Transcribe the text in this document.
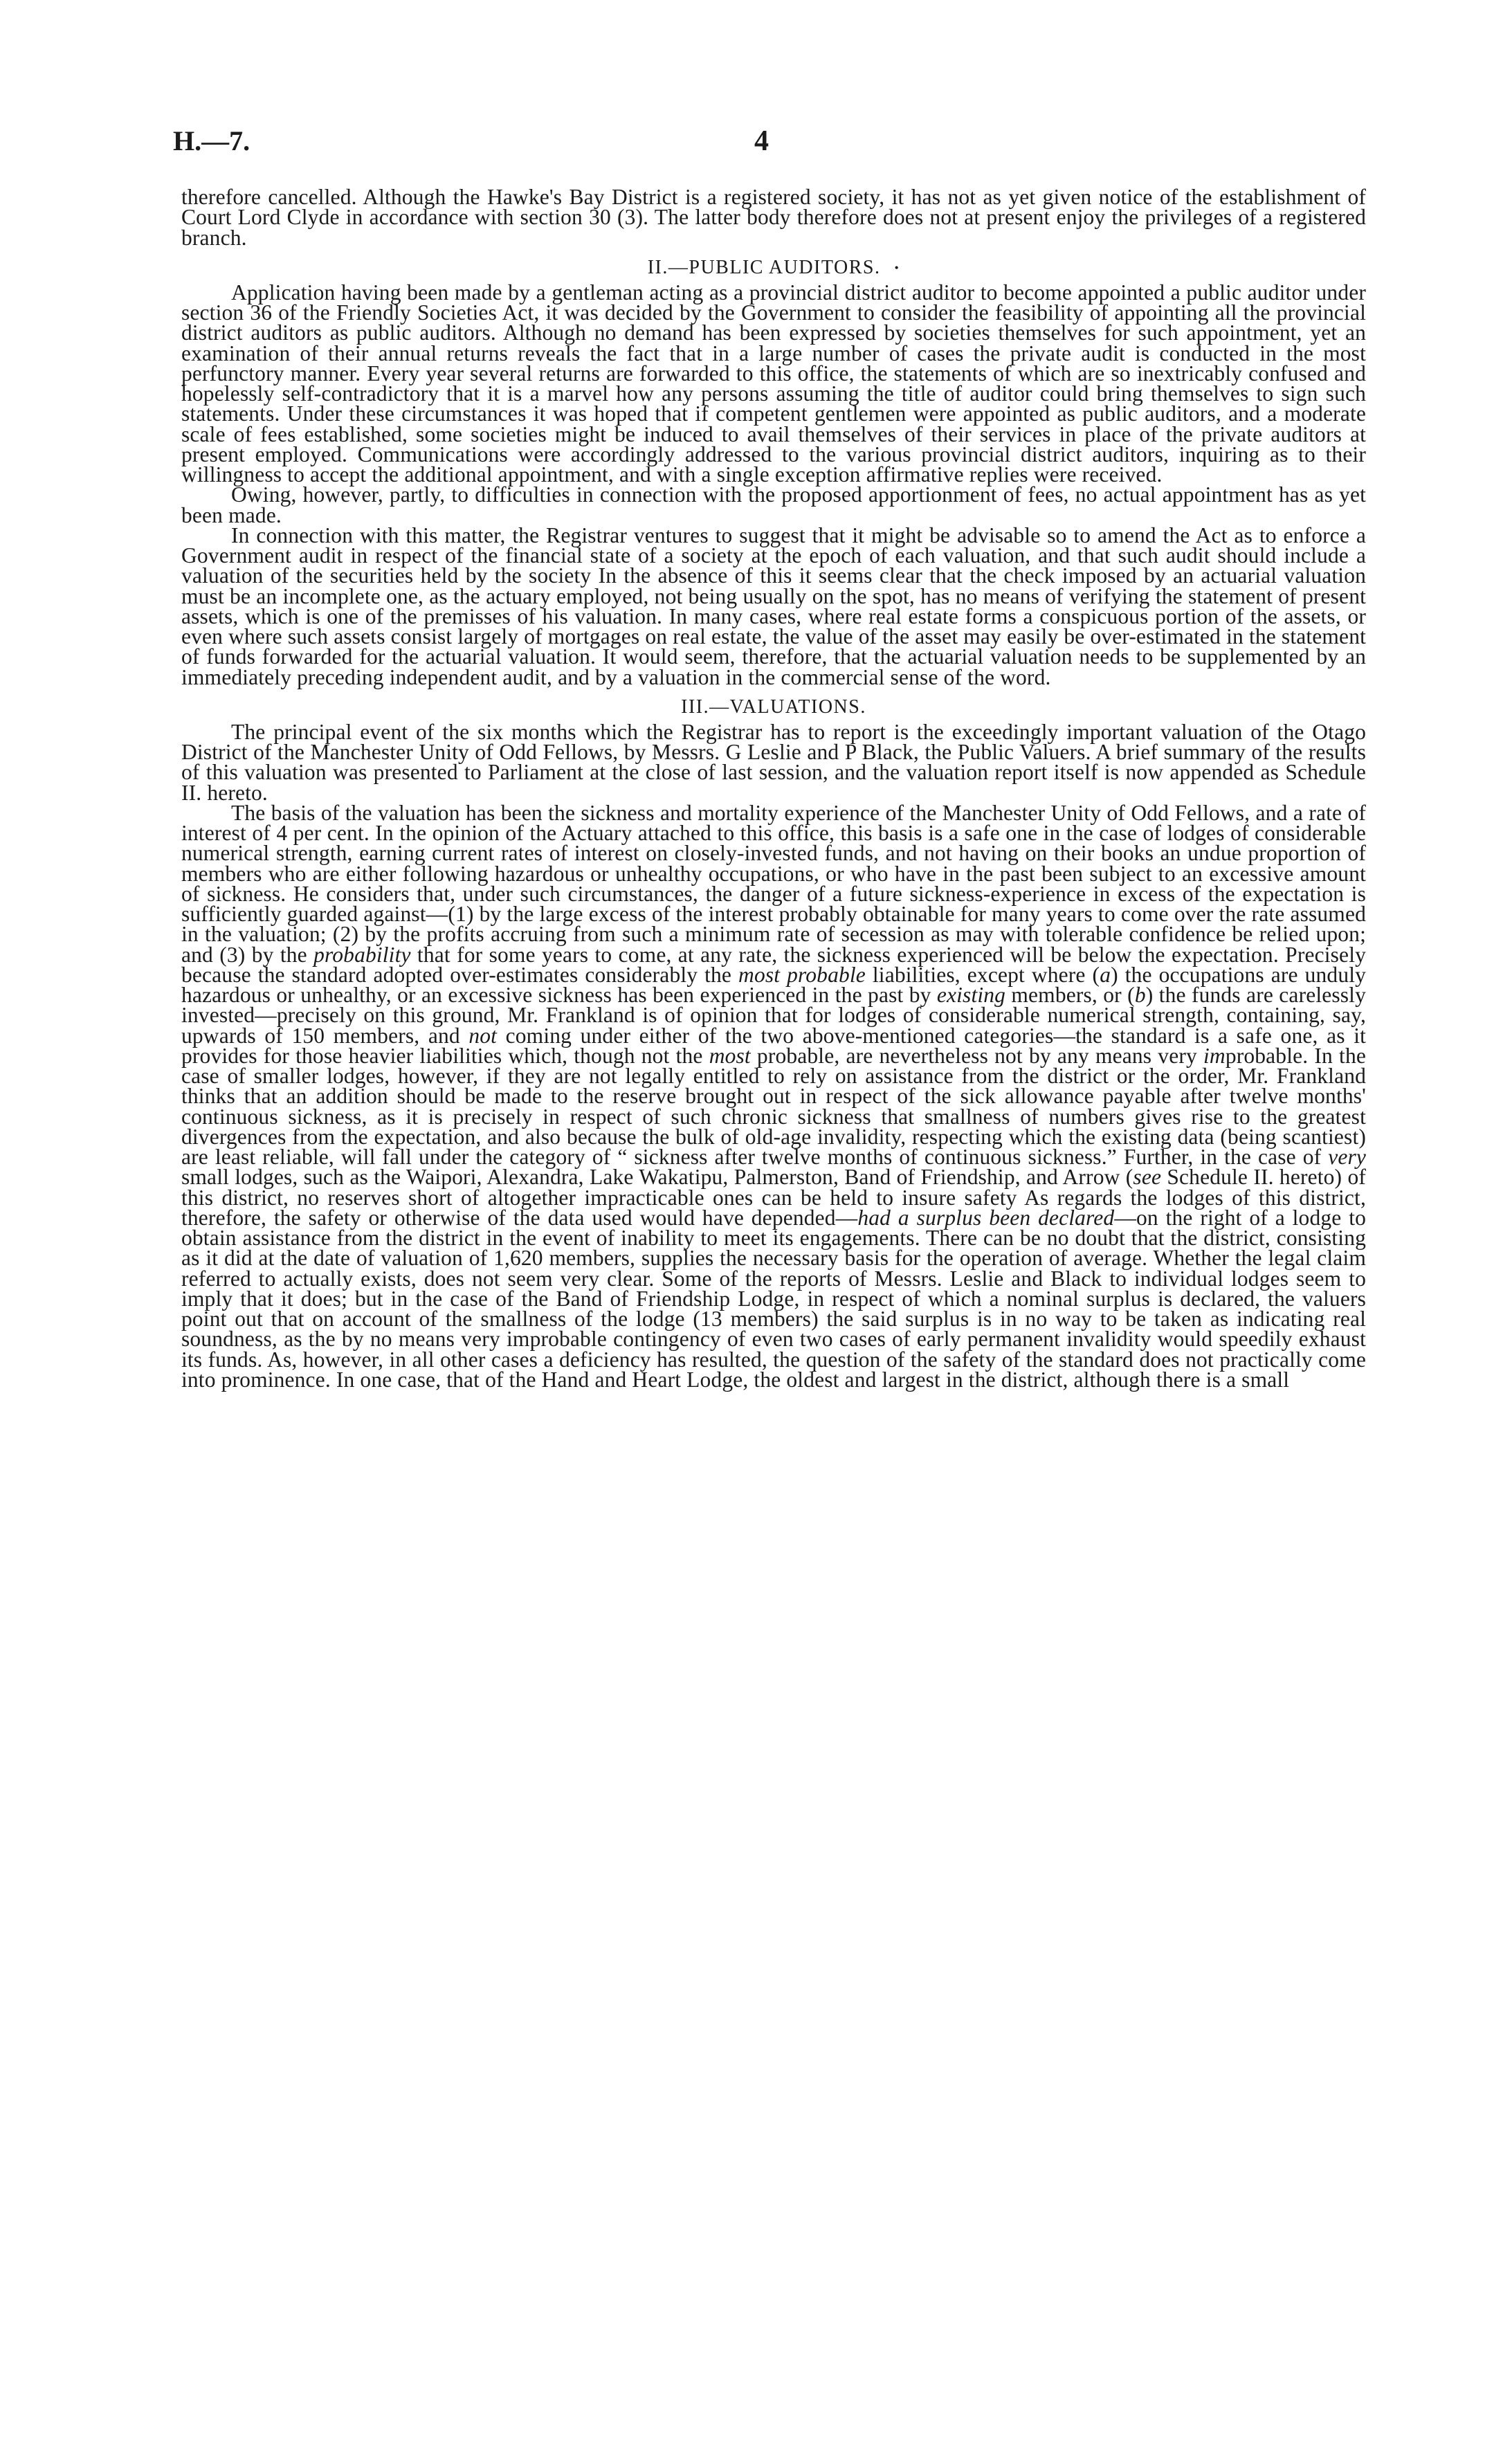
H.—7.	4

therefore cancelled. Although the Hawke's Bay District is a registered society, it has not as yet given notice of the establishment of Court Lord Clyde in accordance with section 30 (3). The latter body therefore does not at present enjoy the privileges of a registered branch.

II.—PUBLIC AUDITORS. •

Application having been made by a gentleman acting as a provincial district auditor to become appointed a public auditor under section 36 of the Friendly Societies Act, it was decided by the Government to consider the feasibility of appointing all the provincial district auditors as public auditors. Although no demand has been expressed by societies themselves for such appointment, yet an examination of their annual returns reveals the fact that in a large number of cases the private audit is conducted in the most perfunctory manner. Every year several returns are forwarded to this office, the statements of which are so inextricably confused and hopelessly self-contradictory that it is a marvel how any persons assuming the title of auditor could bring themselves to sign such statements. Under these circumstances it was hoped that if competent gentlemen were appointed as public auditors, and a moderate scale of fees established, some societies might be induced to avail themselves of their services in place of the private auditors at present employed. Communications were accordingly addressed to the various provincial district auditors, inquiring as to their willingness to accept the additional appointment, and with a single exception affirmative replies were received.

Owing, however, partly, to difficulties in connection with the proposed apportionment of fees, no actual appointment has as yet been made.

In connection with this matter, the Registrar ventures to suggest that it might be advisable so to amend the Act as to enforce a Government audit in respect of the financial state of a society at the epoch of each valuation, and that such audit should include a valuation of the securities held by the society In the absence of this it seems clear that the check imposed by an actuarial valuation must be an incomplete one, as the actuary employed, not being usually on the spot, has no means of verifying the statement of present assets, which is one of the premisses of his valuation. In many cases, where real estate forms a conspicuous portion of the assets, or even where such assets consist largely of mortgages on real estate, the value of the asset may easily be over-estimated in the statement of funds forwarded for the actuarial valuation. It would seem, therefore, that the actuarial valuation needs to be supplemented by an immediately preceding independent audit, and by a valuation in the commercial sense of the word.

III.—VALUATIONS.

The principal event of the six months which the Registrar has to report is the exceedingly important valuation of the Otago District of the Manchester Unity of Odd Fellows, by Messrs. G Leslie and P Black, the Public Valuers. A brief summary of the results of this valuation was presented to Parliament at the close of last session, and the valuation report itself is now appended as Schedule II. hereto.

The basis of the valuation has been the sickness and mortality experience of the Manchester Unity of Odd Fellows, and a rate of interest of 4 per cent. In the opinion of the Actuary attached to this office, this basis is a safe one in the case of lodges of considerable numerical strength, earning current rates of interest on closely-invested funds, and not having on their books an undue proportion of members who are either following hazardous or unhealthy occupations, or who have in the past been subject to an excessive amount of sickness. He considers that, under such circumstances, the danger of a future sickness-experience in excess of the expectation is sufficiently guarded against—(1) by the large excess of the interest probably obtainable for many years to come over the rate assumed in the valuation; (2) by the profits accruing from such a minimum rate of secession as may with tolerable confidence be relied upon; and (3) by the probability that for some years to come, at any rate, the sickness experienced will be below the expectation. Precisely because the standard adopted over-estimates considerably the most probable liabilities, except where (a) the occupations are unduly hazardous or unhealthy, or an excessive sickness has been experienced in the past by existing members, or (b) the funds are carelessly invested—precisely on this ground, Mr. Frankland is of opinion that for lodges of considerable numerical strength, containing, say, upwards of 150 members, and not coming under either of the two above-mentioned categories—the standard is a safe one, as it provides for those heavier liabilities which, though not the most probable, are nevertheless not by any means very improbable. In the case of smaller lodges, however, if they are not legally entitled to rely on assistance from the district or the order, Mr. Frankland thinks that an addition should be made to the reserve brought out in respect of the sick allowance payable after twelve months' continuous sickness, as it is precisely in respect of such chronic sickness that smallness of numbers gives rise to the greatest divergences from the expectation, and also because the bulk of old-age invalidity, respecting which the existing data (being scantiest) are least reliable, will fall under the category of “ sickness after twelve months of continuous sickness.” Further, in the case of very small lodges, such as the Waipori, Alexandra, Lake Wakatipu, Palmerston, Band of Friendship, and Arrow (see Schedule II. hereto) of this district, no reserves short of altogether impracticable ones can be held to insure safety As regards the lodges of this district, therefore, the safety or otherwise of the data used would have depended—had a surplus been declared—on the right of a lodge to obtain assistance from the district in the event of inability to meet its engagements. There can be no doubt that the district, consisting as it did at the date of valuation of 1,620 members, supplies the necessary basis for the operation of average. Whether the legal claim referred to actually exists, does not seem very clear. Some of the reports of Messrs. Leslie and Black to individual lodges seem to imply that it does; but in the case of the Band of Friendship Lodge, in respect of which a nominal surplus is declared, the valuers point out that on account of the smallness of the lodge (13 members) the said surplus is in no way to be taken as indicating real soundness, as the by no means very improbable contingency of even two cases of early permanent invalidity would speedily exhaust its funds. As, however, in all other cases a deficiency has resulted, the question of the safety of the standard does not practically come into prominence. In one case, that of the Hand and Heart Lodge, the oldest and largest in the district, although there is a small
